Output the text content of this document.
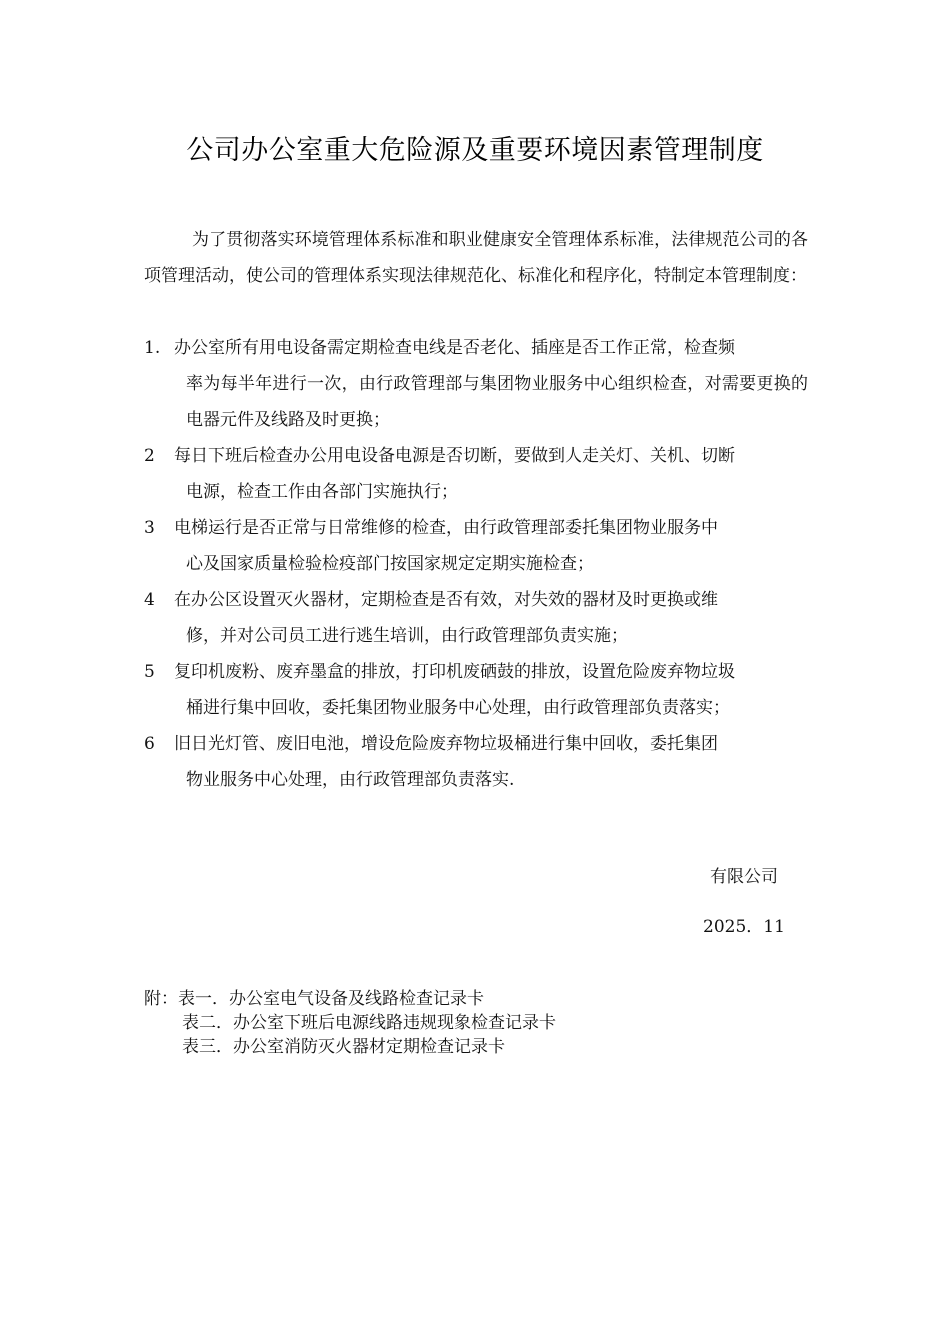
公司办公室重大危险源及重要环境因素管理制度
为了贯彻落实环境管理体系标准和职业健康安全管理体系标准，法律规范公司的各项管理活动，使公司的管理体系实现法律规范化、标准化和程序化，特制定本管理制度：
1. 办公室所有用电设备需定期检查电线是否老化、插座是否工作正常，检查频
率为每半年进行一次，由行政管理部与集团物业服务中心组织检查，对需要更换的电器元件及线路及时更换；
2 每日下班后检查办公用电设备电源是否切断，要做到人走关灯、关机、切断
电源，检查工作由各部门实施执行；
3 电梯运行是否正常与日常维修的检查，由行政管理部委托集团物业服务中
心及国家质量检验检疫部门按国家规定定期实施检查；
4 在办公区设置灭火器材，定期检查是否有效，对失效的器材及时更换或维
修，并对公司员工进行逃生培训，由行政管理部负责实施；
5 复印机废粉、废弃墨盒的排放，打印机废硒鼓的排放，设置危险废弃物垃圾
桶进行集中回收，委托集团物业服务中心处理，由行政管理部负责落实；
6 旧日光灯管、废旧电池，增设危险废弃物垃圾桶进行集中回收，委托集团
物业服务中心处理，由行政管理部负责落实.
有限公司
2025．11
附：表一．办公室电气设备及线路检查记录卡
表二．办公室下班后电源线路违规现象检查记录卡
表三．办公室消防灭火器材定期检查记录卡
